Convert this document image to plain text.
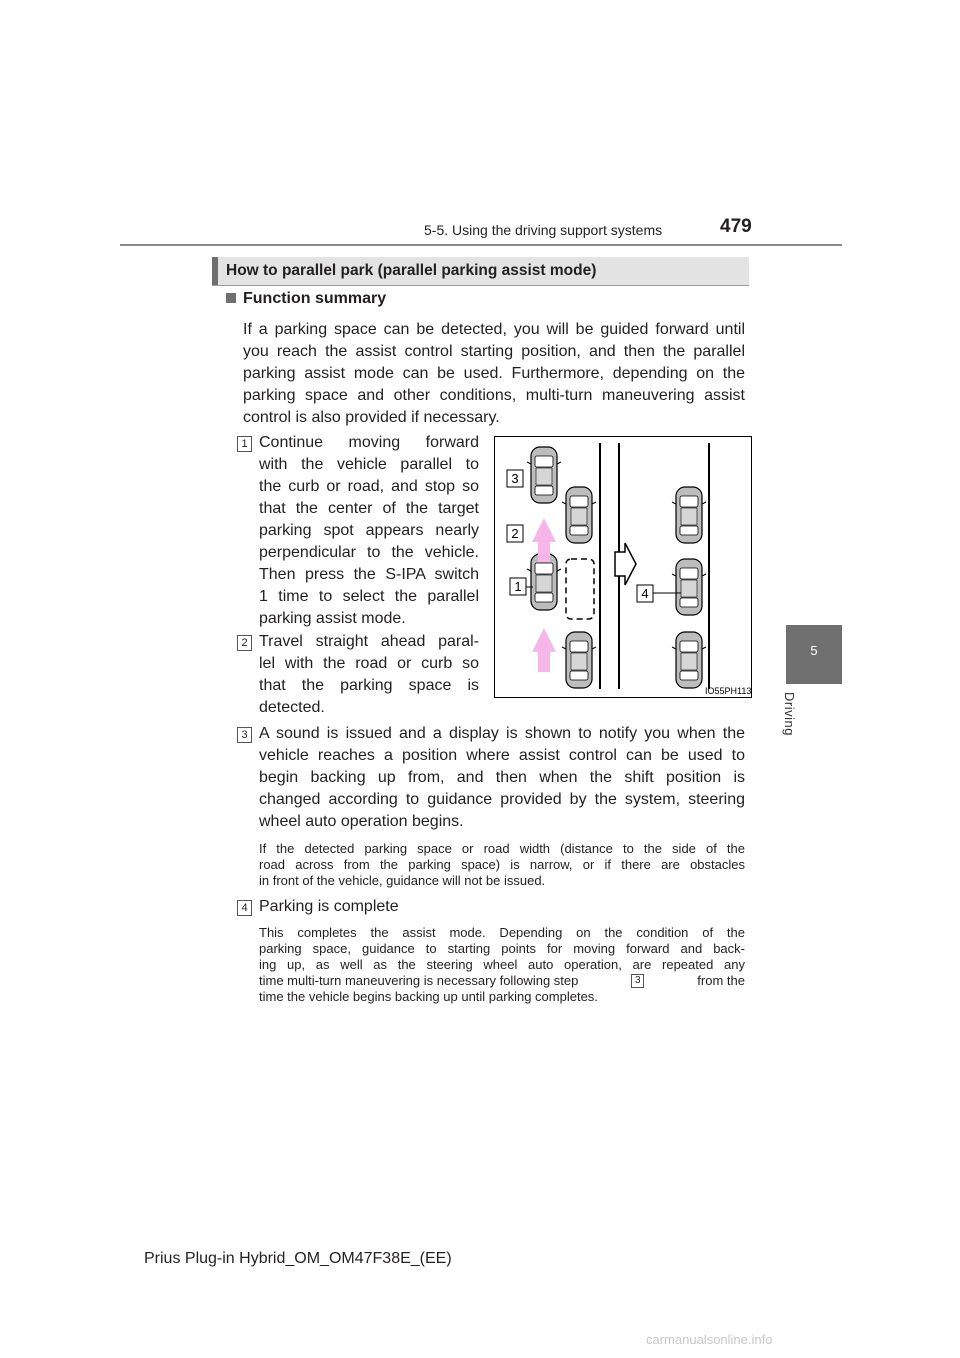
5-5. Using the driving support systems	479
5
Driving
How to parallel park (parallel parking assist mode)
Function summary
If a parking space can be detected, you will be guided forward until
you reach the assist control starting position, and then the parallel
parking assist mode can be used. Furthermore, depending on the
parking space and other conditions, multi-turn maneuvering assist
control is also provided if necessary.
1 Continue moving forward
with the vehicle parallel to
the curb or road, and stop so
that the center of the target
parking spot appears nearly
perpendicular to the vehicle.
Then press the S-IPA switch
1 time to select the parallel
parking assist mode.
2 Travel straight ahead paral-
lel with the road or curb so
that the parking space is
detected.
3
2
1	4
IO55PH113
3 A sound is issued and a display is shown to notify you when the
vehicle reaches a position where assist control can be used to
begin backing up from, and then when the shift position is
changed according to guidance provided by the system, steering
wheel auto operation begins.
If the detected parking space or road width (distance to the side of the
road across from the parking space) is narrow, or if there are obstacles
in front of the vehicle, guidance will not be issued.
4 Parking is complete
This completes the assist mode. Depending on the condition of the
parking space, guidance to starting points for moving forward and back-
ing up, as well as the steering wheel auto operation, are repeated any
time multi-turn maneuvering is necessary following step	3	from the
time the vehicle begins backing up until parking completes.
Prius Plug-in Hybrid_OM_OM47F38E_(EE)
carmanualsonline.info
